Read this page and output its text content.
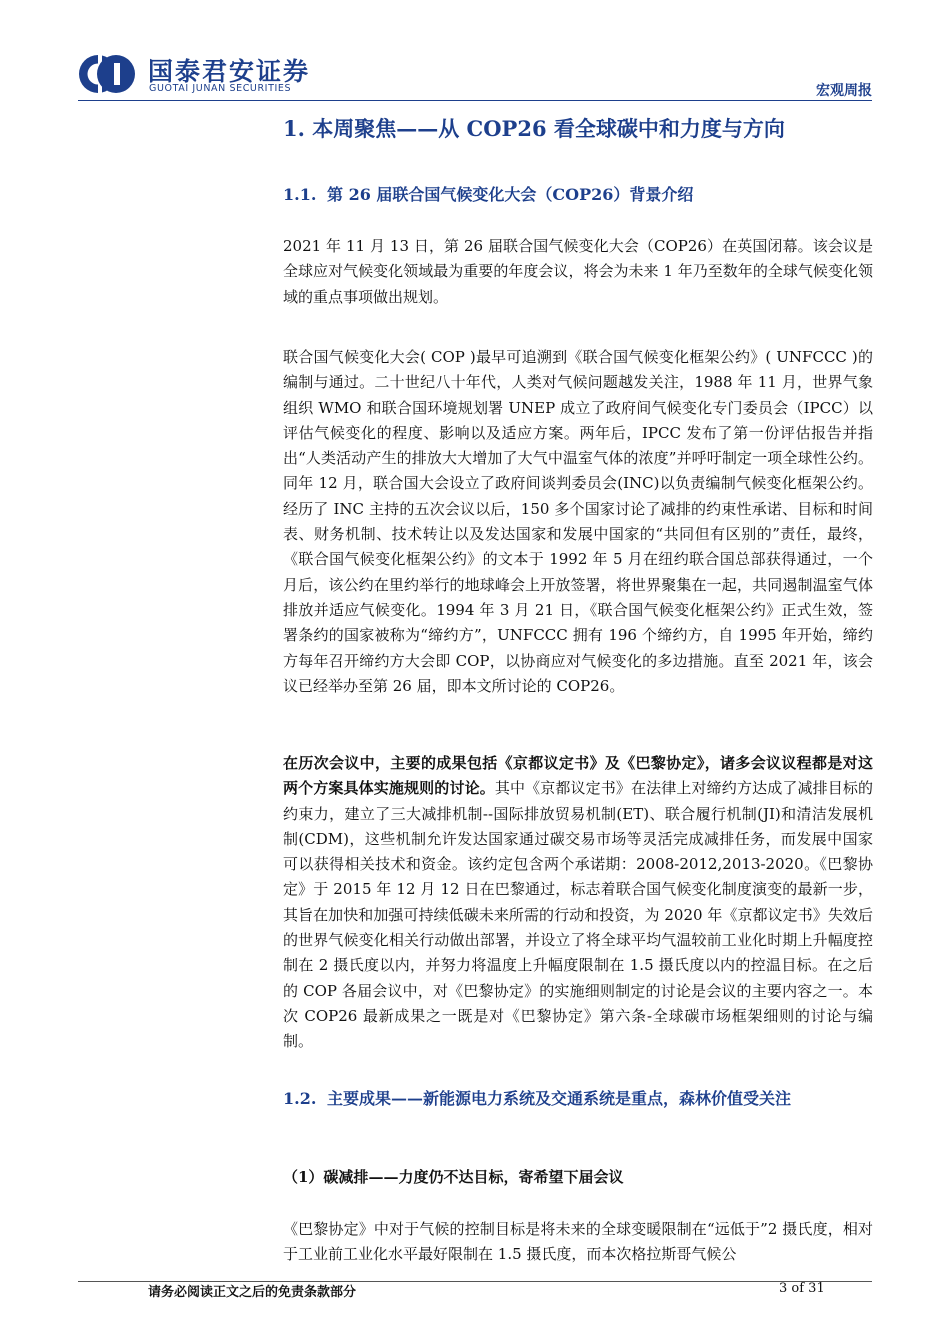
国泰君安证券
GUOTAI JUNAN SECURITIES	宏观周报
1. 本周聚焦——从 COP26 看全球碳中和力度与方向
1.1. 第 26 届联合国气候变化大会（COP26）背景介绍
2021 年 11 月 13 日，第 26 届联合国气候变化大会（COP26）在英国闭幕。该会议是全球应对气候变化领域最为重要的年度会议，将会为未来 1 年乃至数年的全球气候变化领域的重点事项做出规划。
联合国气候变化大会( COP )最早可追溯到《联合国气候变化框架公约》( UNFCCC )的编制与通过。二十世纪八十年代，人类对气候问题越发关注，1988 年 11 月，世界气象组织 WMO 和联合国环境规划署 UNEP 成立了政府间气候变化专门委员会（IPCC）以评估气候变化的程度、影响以及适应方案。两年后，IPCC 发布了第一份评估报告并指出“人类活动产生的排放大大增加了大气中温室气体的浓度”并呼吁制定一项全球性公约。同年 12 月，联合国大会设立了政府间谈判委员会(INC)以负责编制气候变化框架公约。经历了 INC 主持的五次会议以后，150 多个国家讨论了减排的约束性承诺、目标和时间表、财务机制、技术转让以及发达国家和发展中国家的“共同但有区别的”责任，最终，《联合国气候变化框架公约》的文本于 1992 年 5 月在纽约联合国总部获得通过，一个月后，该公约在里约举行的地球峰会上开放签署，将世界聚集在一起，共同遏制温室气体排放并适应气候变化。1994 年 3 月 21 日，《联合国气候变化框架公约》正式生效，签署条约的国家被称为“缔约方”，UNFCCC 拥有 196 个缔约方，自 1995 年开始，缔约方每年召开缔约方大会即 COP，以协商应对气候变化的多边措施。直至 2021 年，该会议已经举办至第 26 届，即本文所讨论的 COP26。
在历次会议中，主要的成果包括《京都议定书》及《巴黎协定》，诸多会议议程都是对这两个方案具体实施规则的讨论。其中《京都议定书》在法律上对缔约方达成了减排目标的约束力，建立了三大减排机制--国际排放贸易机制(ET)、联合履行机制(JI)和清洁发展机制(CDM)，这些机制允许发达国家通过碳交易市场等灵活完成减排任务，而发展中国家可以获得相关技术和资金。该约定包含两个承诺期：2008-2012,2013-2020。《巴黎协定》于 2015 年 12 月 12 日在巴黎通过，标志着联合国气候变化制度演变的最新一步，其旨在加快和加强可持续低碳未来所需的行动和投资，为 2020 年《京都议定书》失效后的世界气候变化相关行动做出部署，并设立了将全球平均气温较前工业化时期上升幅度控制在 2 摄氏度以内，并努力将温度上升幅度限制在 1.5 摄氏度以内的控温目标。在之后的 COP 各届会议中，对《巴黎协定》的实施细则制定的讨论是会议的主要内容之一。本次 COP26 最新成果之一既是对《巴黎协定》第六条-全球碳市场框架细则的讨论与编制。
1.2. 主要成果——新能源电力系统及交通系统是重点，森林价值受关注
（1）碳减排——力度仍不达目标，寄希望下届会议
《巴黎协定》中对于气候的控制目标是将未来的全球变暖限制在“远低于”2 摄氏度，相对于工业前工业化水平最好限制在 1.5 摄氏度，而本次格拉斯哥气候公
请务必阅读正文之后的免责条款部分	3 of 31
